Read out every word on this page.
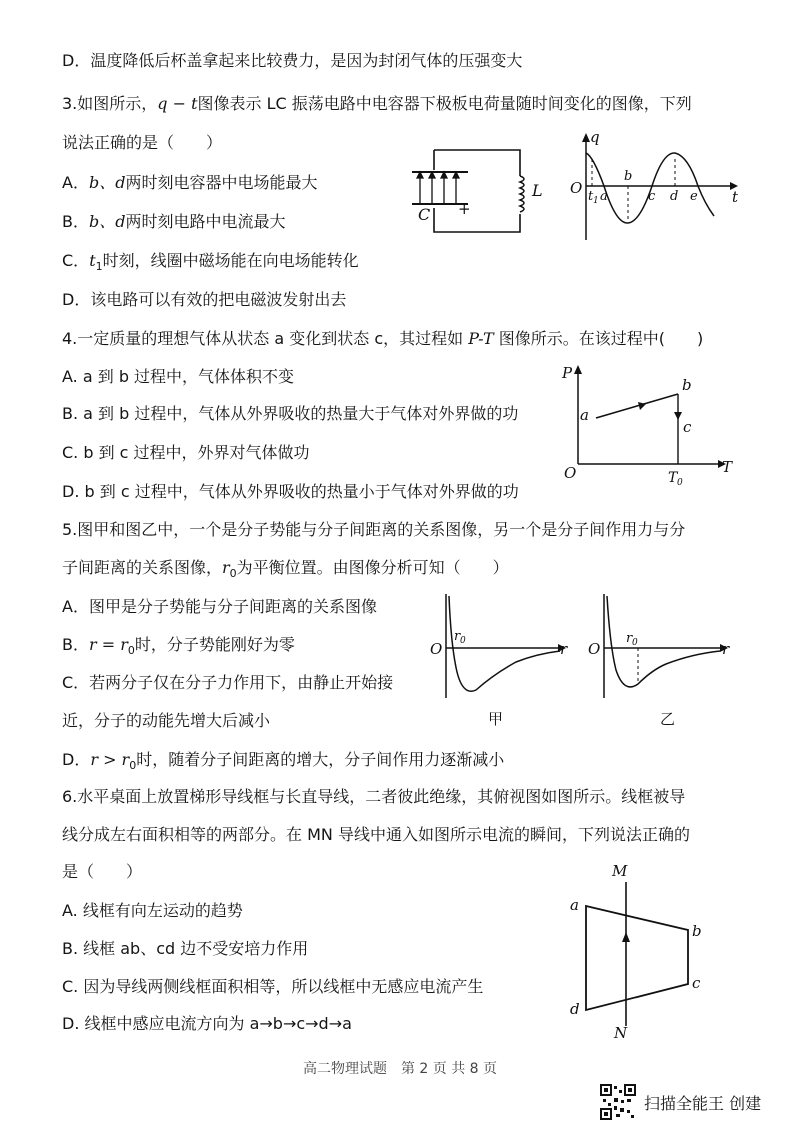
D．温度降低后杯盖拿起来比较费力，是因为封闭气体的压强变大
3.如图所示，q − t图像表示 LC 振荡电路中电容器下极板电荷量随时间变化的图像，下列
说法正确的是（　　）
A．b、d两时刻电容器中电场能最大
B．b、d两时刻电路中电流最大
C．$t_1$时刻，线圈中磁场能在向电场能转化
D．该电路可以有效的把电磁波发射出去
C +
L
q
t
O t 1 a
b
c d e
4.一定质量的理想气体从状态 a 变化到状态 c，其过程如 P-T 图像所示。在该过程中(　　)
A. a 到 b 过程中，气体体积不变
B. a 到 b 过程中，气体从外界吸收的热量大于气体对外界做的功
C. b 到 c 过程中，外界对气体做功
D. b 到 c 过程中，气体从外界吸收的热量小于气体对外界做的功
P
T
O	T 0
a
b
c
5.图甲和图乙中，一个是分子势能与分子间距离的关系图像，另一个是分子间作用力与分
子间距离的关系图像，$r_0$为平衡位置。由图像分析可知（　　）
A．图甲是分子势能与分子间距离的关系图像
B．$r = r_0$时，分子势能刚好为零
C．若两分子仅在分子力作用下，由静止开始接
近，分子的动能先增大后减小
D．$r > r_0$时，随着分子间距离的增大，分子间作用力逐渐减小
O
r 0	r
甲
O
r 0	r
乙
6.水平桌面上放置梯形导线框与长直导线，二者彼此绝缘，其俯视图如图所示。线框被导
线分成左右面积相等的两部分。在 MN 导线中通入如图所示电流的瞬间，下列说法正确的
是（　　）
A. 线框有向左运动的趋势
B. 线框 ab、cd 边不受安培力作用
C. 因为导线两侧线框面积相等，所以线框中无感应电流产生
D. 线框中感应电流方向为 a→b→c→d→a
M
N
a
b
c
d
高二物理试题　第 2 页 共 8 页
扫描全能王 创建
